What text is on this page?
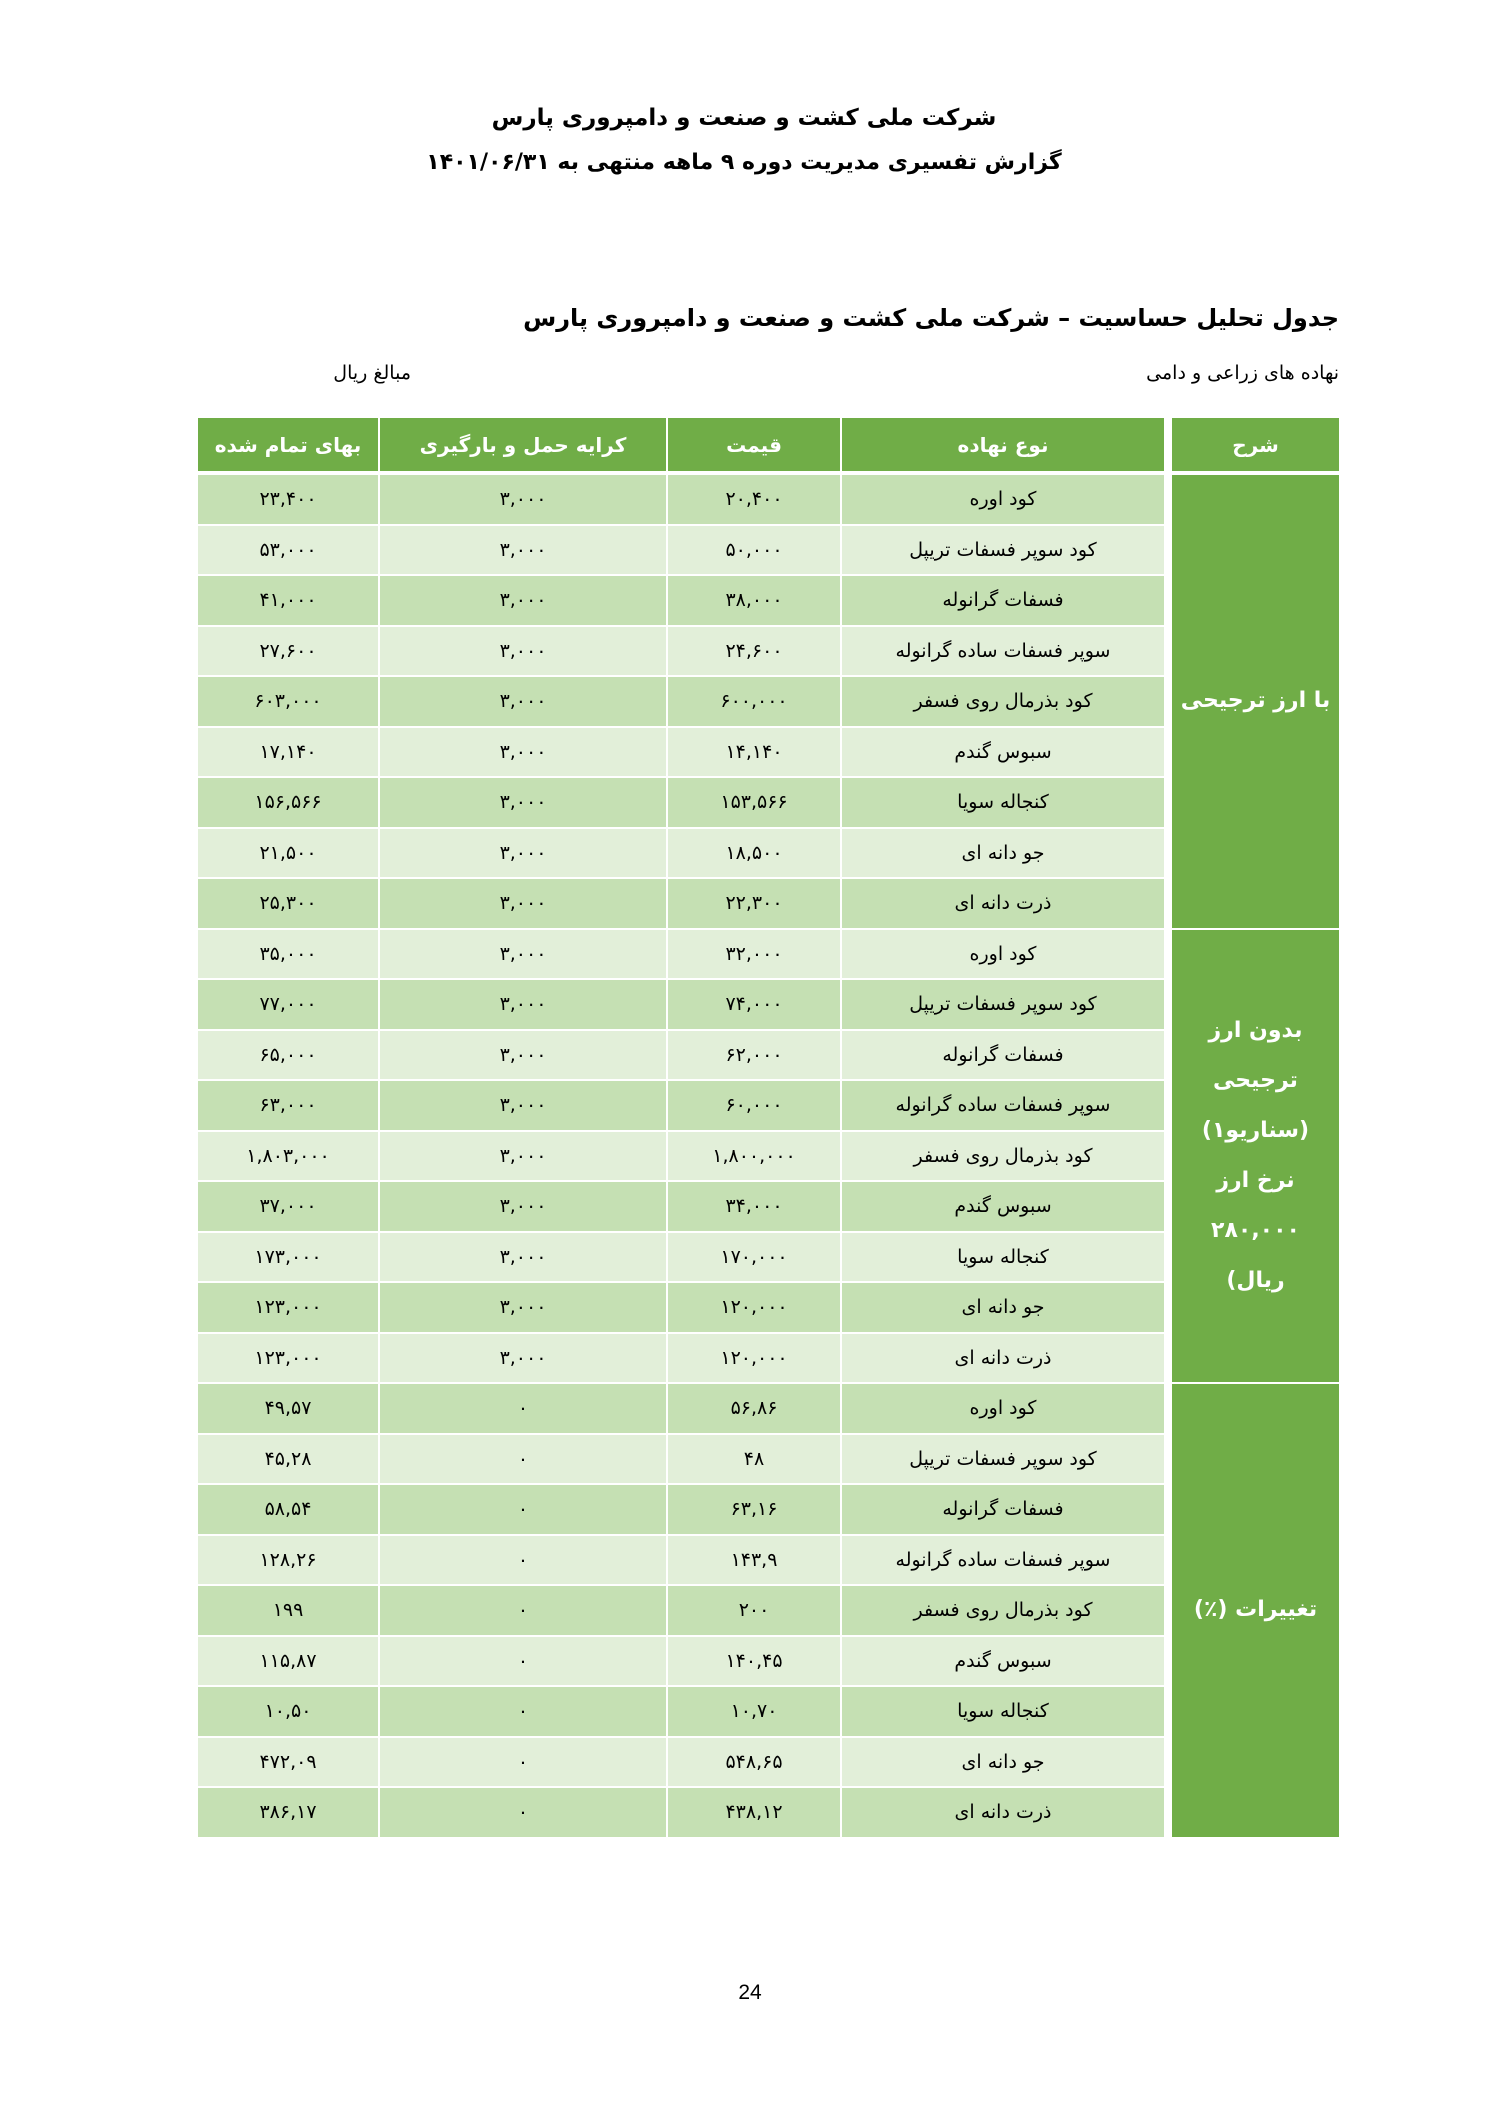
شرکت ملی کشت و صنعت و دامپروری پارس
گزارش تفسیری مدیریت دوره ۹ ماهه منتهی به ۱۴۰۱/۰۶/۳۱
جدول تحلیل حساسیت – شرکت ملی کشت و صنعت و دامپروری پارس
نهاده های زراعی و دامی
مبالغ ریال
بهای تمام شده	کرایه حمل و بارگیری	قیمت	نوع نهاده	شرح
با ارز ترجیحی
۲۳,۴۰۰	۳,۰۰۰	۲۰,۴۰۰	کود اوره
۵۳,۰۰۰	۳,۰۰۰	۵۰,۰۰۰	کود سوپر فسفات تریپل
۴۱,۰۰۰	۳,۰۰۰	۳۸,۰۰۰	فسفات گرانوله
۲۷,۶۰۰	۳,۰۰۰	۲۴,۶۰۰	سوپر فسفات ساده گرانوله
۶۰۳,۰۰۰	۳,۰۰۰	۶۰۰,۰۰۰	کود بذرمال روی فسفر
۱۷,۱۴۰	۳,۰۰۰	۱۴,۱۴۰	سبوس گندم
۱۵۶,۵۶۶	۳,۰۰۰	۱۵۳,۵۶۶	کنجاله سویا
۲۱,۵۰۰	۳,۰۰۰	۱۸,۵۰۰	جو دانه ای
۲۵,۳۰۰	۳,۰۰۰	۲۲,۳۰۰	ذرت دانه ای
بدون ارز
ترجیحی
(سناریو۱)
نرخ ارز
۲۸۰,۰۰۰
ریال)
۳۵,۰۰۰	۳,۰۰۰	۳۲,۰۰۰	کود اوره
۷۷,۰۰۰	۳,۰۰۰	۷۴,۰۰۰	کود سوپر فسفات تریپل
۶۵,۰۰۰	۳,۰۰۰	۶۲,۰۰۰	فسفات گرانوله
۶۳,۰۰۰	۳,۰۰۰	۶۰,۰۰۰	سوپر فسفات ساده گرانوله
۱,۸۰۳,۰۰۰	۳,۰۰۰	۱,۸۰۰,۰۰۰	کود بذرمال روی فسفر
۳۷,۰۰۰	۳,۰۰۰	۳۴,۰۰۰	سبوس گندم
۱۷۳,۰۰۰	۳,۰۰۰	۱۷۰,۰۰۰	کنجاله سویا
۱۲۳,۰۰۰	۳,۰۰۰	۱۲۰,۰۰۰	جو دانه ای
۱۲۳,۰۰۰	۳,۰۰۰	۱۲۰,۰۰۰	ذرت دانه ای
تغییرات (٪)
۴۹,۵۷	۰	۵۶,۸۶	کود اوره
۴۵,۲۸	۰	۴۸	کود سوپر فسفات تریپل
۵۸,۵۴	۰	۶۳,۱۶	فسفات گرانوله
۱۲۸,۲۶	۰	۱۴۳,۹	سوپر فسفات ساده گرانوله
۱۹۹	۰	۲۰۰	کود بذرمال روی فسفر
۱۱۵,۸۷	۰	۱۴۰,۴۵	سبوس گندم
۱۰,۵۰	۰	۱۰,۷۰	کنجاله سویا
۴۷۲,۰۹	۰	۵۴۸,۶۵	جو دانه ای
۳۸۶,۱۷	۰	۴۳۸,۱۲	ذرت دانه ای
24
